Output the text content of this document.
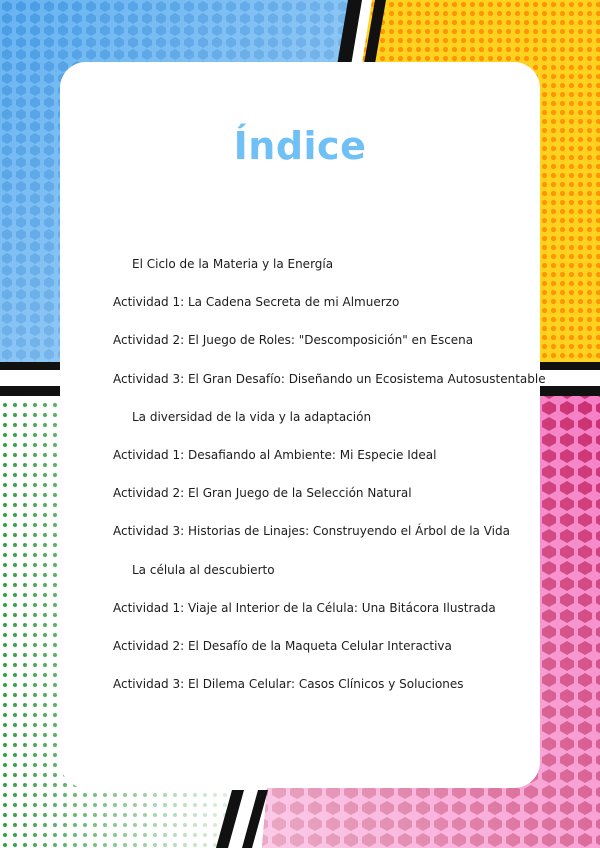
Índice
El Ciclo de la Materia y la Energía
Actividad 1: La Cadena Secreta de mi Almuerzo
Actividad 2: El Juego de Roles: "Descomposición" en Escena
Actividad 3: El Gran Desafío: Diseñando un Ecosistema Autosustentable
La diversidad de la vida y la adaptación
Actividad 1: Desafiando al Ambiente: Mi Especie Ideal
Actividad 2: El Gran Juego de la Selección Natural
Actividad 3: Historias de Linajes: Construyendo el Árbol de la Vida
La célula al descubierto
Actividad 1: Viaje al Interior de la Célula: Una Bitácora Ilustrada
Actividad 2: El Desafío de la Maqueta Celular Interactiva
Actividad 3: El Dilema Celular: Casos Clínicos y Soluciones
